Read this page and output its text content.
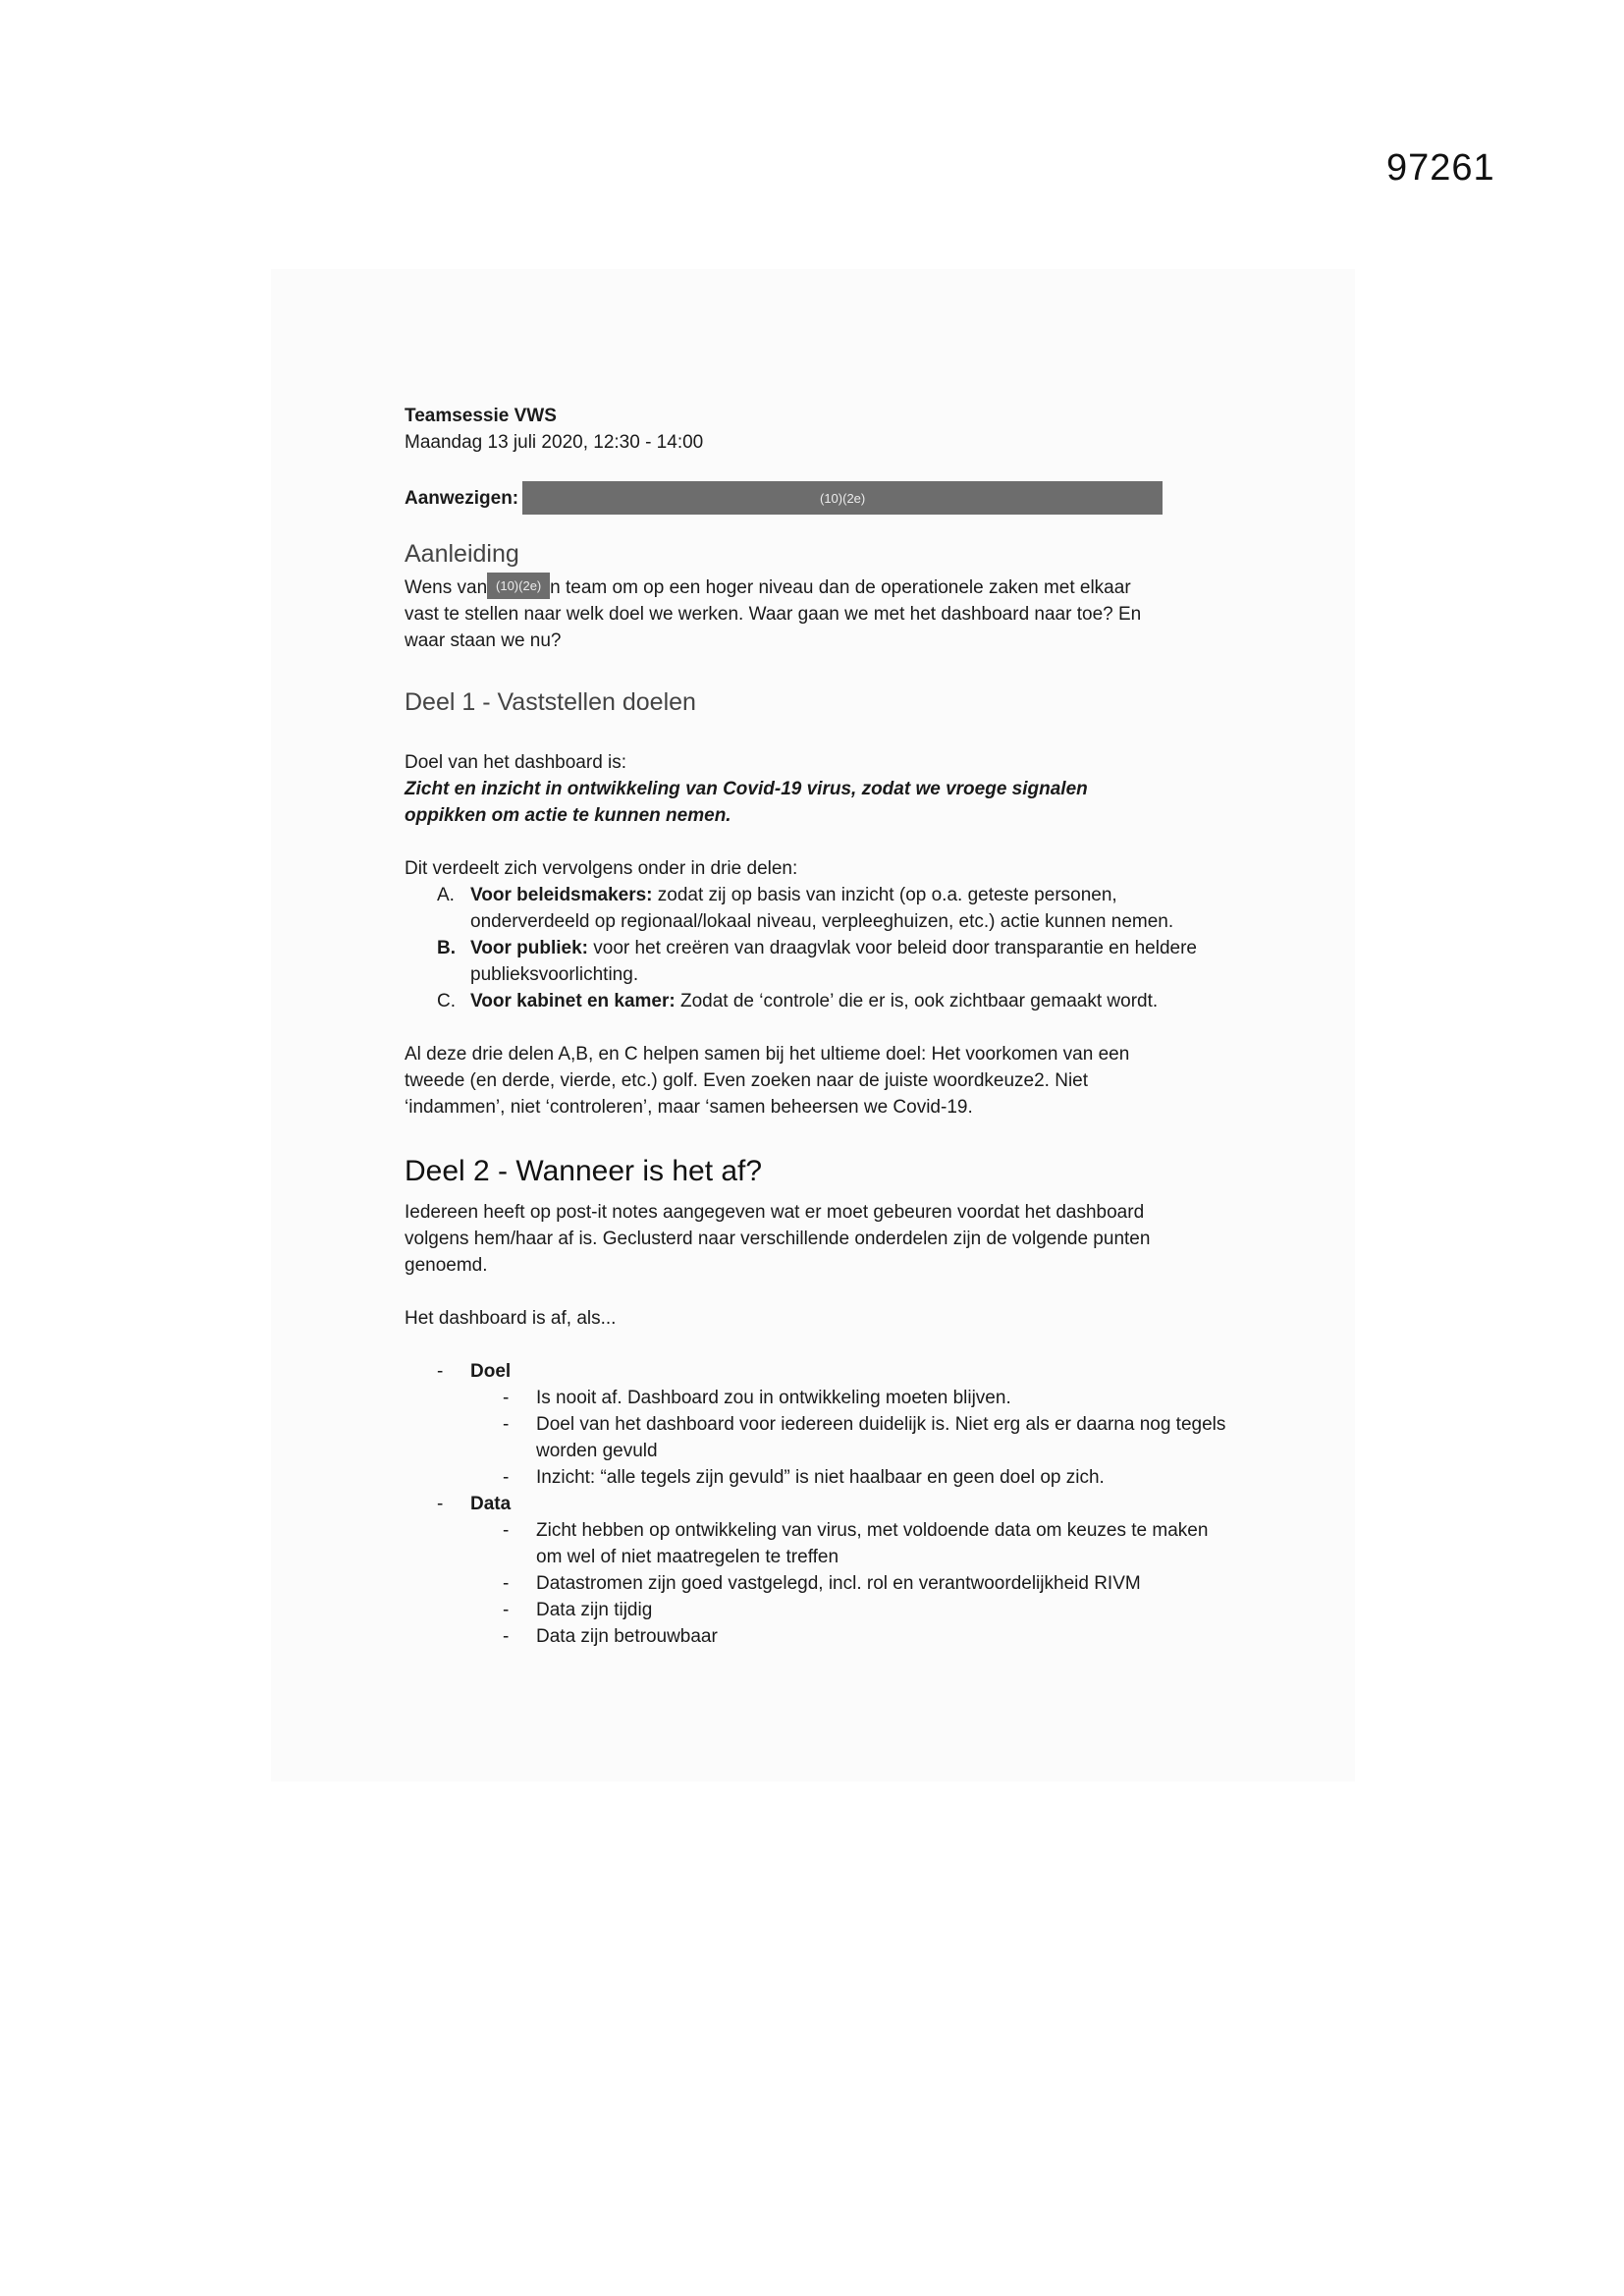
97261

Teamsessie VWS

Maandag 13 juli 2020, 12:30 - 14:00

Aanwezigen:	(10)(2e)
Aanleiding

Wens van (10)(2e) n team om op een hoger niveau dan de operationele zaken met elkaar
vast te stellen naar welk doel we werken. Waar gaan we met het dashboard naar toe? En
waar staan we nu?

Deel 1 - Vaststellen doelen

Doel van het dashboard is:

Zicht en inzicht in ontwikkeling van Covid-19 virus, zodat we vroege signalen
oppikken om actie te kunnen nemen.

Dit verdeelt zich vervolgens onder in drie delen:

A. Voor beleidsmakers: zodat zij op basis van inzicht (op o.a. geteste personen, onderverdeeld op regionaal/lokaal niveau, verpleeghuizen, etc.) actie kunnen nemen.
B. Voor publiek: voor het creëren van draagvlak voor beleid door transparantie en heldere publieksvoorlichting.
C. Voor kabinet en kamer: Zodat de ‘controle’ die er is, ook zichtbaar gemaakt wordt.

Al deze drie delen A,B, en C helpen samen bij het ultieme doel: Het voorkomen van een
tweede (en derde, vierde, etc.) golf. Even zoeken naar de juiste woordkeuze2. Niet
‘indammen’, niet ‘controleren’, maar ‘samen beheersen we Covid-19.

Deel 2 - Wanneer is het af?

Iedereen heeft op post-it notes aangegeven wat er moet gebeuren voordat het dashboard
volgens hem/haar af is. Geclusterd naar verschillende onderdelen zijn de volgende punten
genoemd.

Het dashboard is af, als...

-	Doel
-	Is nooit af. Dashboard zou in ontwikkeling moeten blijven.
-	Doel van het dashboard voor iedereen duidelijk is. Niet erg als er daarna nog tegels worden gevuld
-	Inzicht: “alle tegels zijn gevuld” is niet haalbaar en geen doel op zich.
-	Data
-	Zicht hebben op ontwikkeling van virus, met voldoende data om keuzes te maken om wel of niet maatregelen te treffen
-	Datastromen zijn goed vastgelegd, incl. rol en verantwoordelijkheid RIVM
-	Data zijn tijdig
-	Data zijn betrouwbaar
